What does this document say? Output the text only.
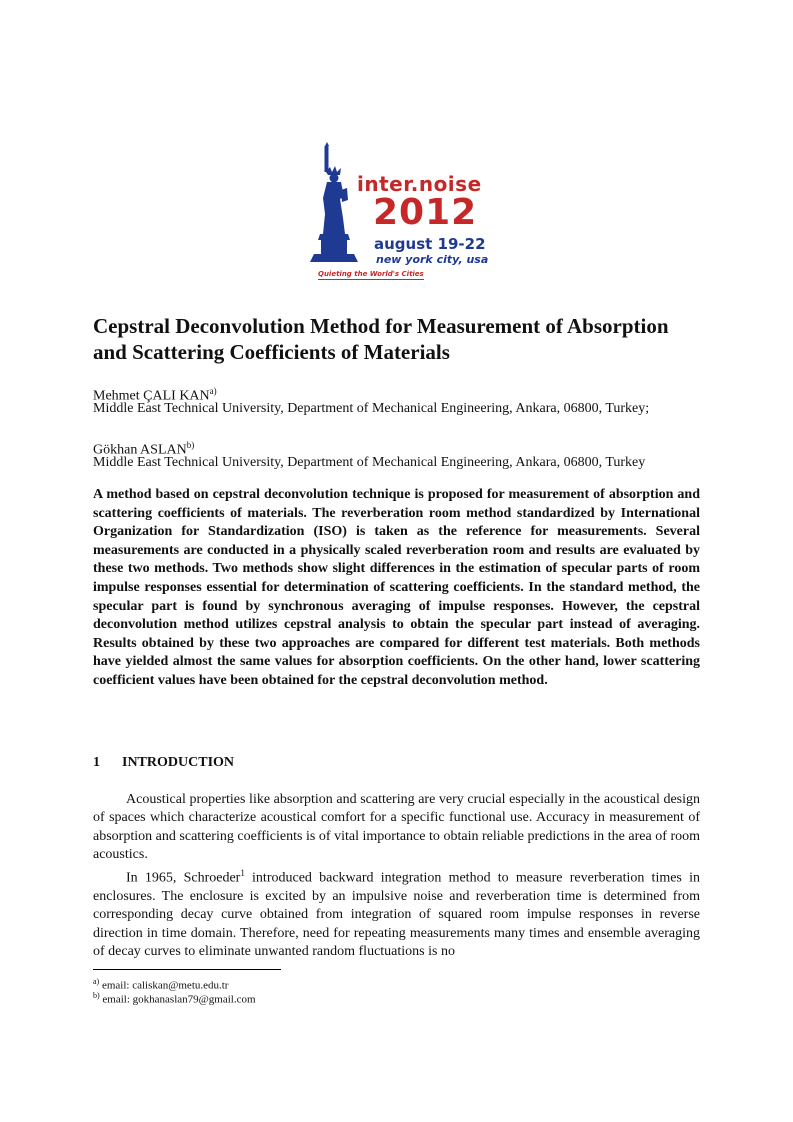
inter.noise
2012
august 19-22
new york city, usa
Quieting the World's Cities
Cepstral Deconvolution Method for Measurement of Absorption and Scattering Coefficients of Materials
Mehmet ÇALI KAN$^{a)}$
Middle East Technical University, Department of Mechanical Engineering, Ankara, 06800, Turkey;
Gökhan ASLAN$^{b)}$
Middle East Technical University, Department of Mechanical Engineering, Ankara, 06800, Turkey

A method based on cepstral deconvolution technique is proposed for measurement of absorption and scattering coefficients of materials. The reverberation room method standardized by International Organization for Standardization (ISO) is taken as the reference for measurements. Several measurements are conducted in a physically scaled reverberation room and results are evaluated by these two methods. Two methods show slight differences in the estimation of specular parts of room impulse responses essential for determination of scattering coefficients. In the standard method, the specular part is found by synchronous averaging of impulse responses. However, the cepstral deconvolution method utilizes cepstral analysis to obtain the specular part instead of averaging. Results obtained by these two approaches are compared for different test materials. Both methods have yielded almost the same values for absorption coefficients. On the other hand, lower scattering coefficient values have been obtained for the cepstral deconvolution method.

1 INTRODUCTION

Acoustical properties like absorption and scattering are very crucial especially in the acoustical design of spaces which characterize acoustical comfort for a specific functional use. Accuracy in measurement of absorption and scattering coefficients is of vital importance to obtain reliable predictions in the area of room acoustics.

In 1965, Schroeder$^1$ introduced backward integration method to measure reverberation times in enclosures. The enclosure is excited by an impulsive noise and reverberation time is determined from corresponding decay curve obtained from integration of squared room impulse responses in reverse direction in time domain. Therefore, need for repeating measurements many times and ensemble averaging of decay curves to eliminate unwanted random fluctuations is no

$^{a)}$ email: caliskan@metu.edu.tr
$^{b)}$ email: gokhanaslan79@gmail.com
